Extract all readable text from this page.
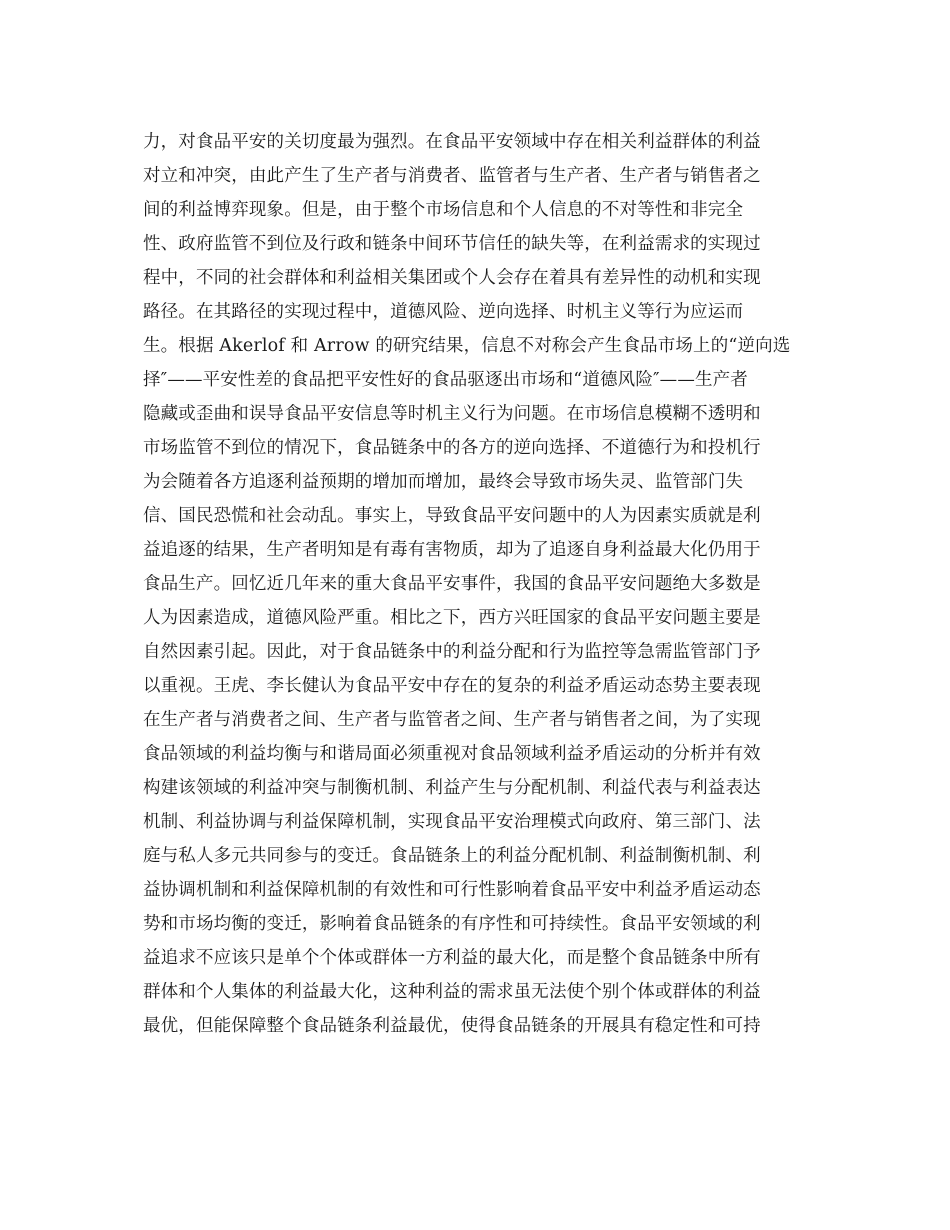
力，对食品平安的关切度最为强烈。在食品平安领域中存在相关利益群体的利益
对立和冲突，由此产生了生产者与消费者、监管者与生产者、生产者与销售者之
间的利益博弈现象。但是，由于整个市场信息和个人信息的不对等性和非完全
性、政府监管不到位及行政和链条中间环节信任的缺失等，在利益需求的实现过
程中，不同的社会群体和利益相关集团或个人会存在着具有差异性的动机和实现
路径。在其路径的实现过程中，道德风险、逆向选择、时机主义等行为应运而
生。根据 Akerlof 和 Arrow 的研究结果，信息不对称会产生食品市场上的“逆向选
择″——平安性差的食品把平安性好的食品驱逐出市场和“道德风险″——生产者
隐藏或歪曲和误导食品平安信息等时机主义行为问题。在市场信息模糊不透明和
市场监管不到位的情况下，食品链条中的各方的逆向选择、不道德行为和投机行
为会随着各方追逐利益预期的增加而增加，最终会导致市场失灵、监管部门失
信、国民恐慌和社会动乱。事实上，导致食品平安问题中的人为因素实质就是利
益追逐的结果，生产者明知是有毒有害物质，却为了追逐自身利益最大化仍用于
食品生产。回忆近几年来的重大食品平安事件，我国的食品平安问题绝大多数是
人为因素造成，道德风险严重。相比之下，西方兴旺国家的食品平安问题主要是
自然因素引起。因此，对于食品链条中的利益分配和行为监控等急需监管部门予
以重视。王虎、李长健认为食品平安中存在的复杂的利益矛盾运动态势主要表现
在生产者与消费者之间、生产者与监管者之间、生产者与销售者之间，为了实现
食品领域的利益均衡与和谐局面必须重视对食品领域利益矛盾运动的分析并有效
构建该领域的利益冲突与制衡机制、利益产生与分配机制、利益代表与利益表达
机制、利益协调与利益保障机制，实现食品平安治理模式向政府、第三部门、法
庭与私人多元共同参与的变迁。食品链条上的利益分配机制、利益制衡机制、利
益协调机制和利益保障机制的有效性和可行性影响着食品平安中利益矛盾运动态
势和市场均衡的变迁，影响着食品链条的有序性和可持续性。食品平安领域的利
益追求不应该只是单个个体或群体一方利益的最大化，而是整个食品链条中所有
群体和个人集体的利益最大化，这种利益的需求虽无法使个别个体或群体的利益
最优，但能保障整个食品链条利益最优，使得食品链条的开展具有稳定性和可持
